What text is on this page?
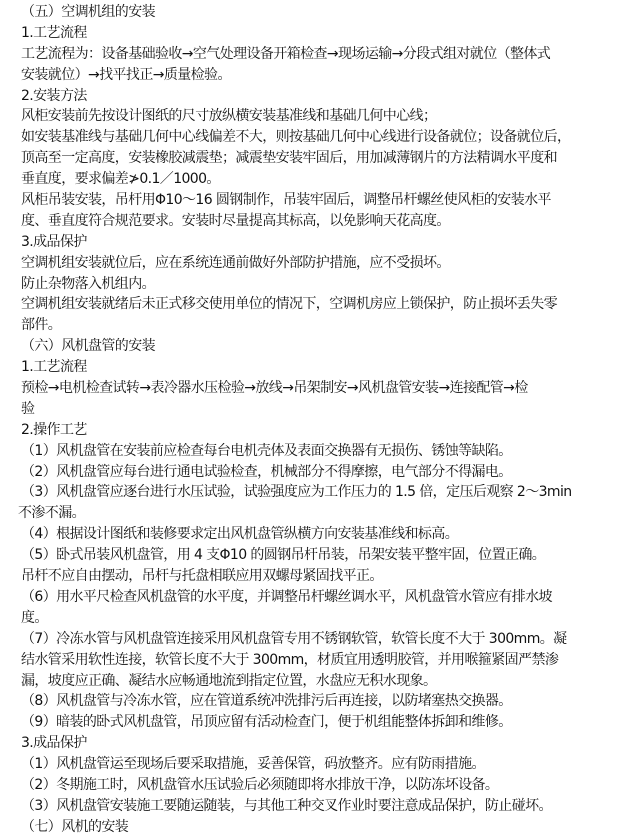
（五）空调机组的安装
1.工艺流程
工艺流程为：设备基础验收→空气处理设备开箱检查→现场运输→分段式组对就位（整体式
安装就位）→找平找正→质量检验。
2.安装方法
风柜安装前先按设计图纸的尺寸放纵横安装基准线和基础几何中心线；
如安装基准线与基础几何中心线偏差不大，则按基础几何中心线进行设备就位；设备就位后，
顶高至一定高度，安装橡胶减震垫；减震垫安装牢固后，用加减薄钢片的方法精调水平度和
垂直度，要求偏差≯0.1／1000。
风柜吊装安装，吊杆用Φ10～16 圆钢制作，吊装牢固后，调整吊杆螺丝使风柜的安装水平
度、垂直度符合规范要求。安装时尽量提高其标高，以免影响天花高度。
3.成品保护
空调机组安装就位后，应在系统连通前做好外部防护措施，应不受损坏。
防止杂物落入机组内。
空调机组安装就绪后未正式移交使用单位的情况下，空调机房应上锁保护，防止损坏丢失零
部件。
（六）风机盘管的安装
1.工艺流程
预检→电机检查试转→表冷器水压检验→放线→吊架制安→风机盘管安装→连接配管→检
验
2.操作工艺
（1）风机盘管在安装前应检查每台电机壳体及表面交换器有无损伤、锈蚀等缺陷。
（2）风机盘管应每台进行通电试验检查，机械部分不得摩擦，电气部分不得漏电。
（3）风机盘管应逐台进行水压试验，试验强度应为工作压力的 1.5 倍，定压后观察 2～3min
不渗不漏。
（4）根据设计图纸和装修要求定出风机盘管纵横方向安装基准线和标高。
（5）卧式吊装风机盘管，用 4 支Φ10 的圆钢吊杆吊装，吊架安装平整牢固，位置正确。
吊杆不应自由摆动，吊杆与托盘相联应用双螺母紧固找平正。
（6）用水平尺检查风机盘管的水平度，并调整吊杆螺丝调水平，风机盘管水管应有排水坡
度。
（7）冷冻水管与风机盘管连接采用风机盘管专用不锈钢软管，软管长度不大于 300mm。凝
结水管采用软性连接，软管长度不大于 300mm，材质宜用透明胶管，并用喉箍紧固严禁渗
漏，坡度应正确、凝结水应畅通地流到指定位置，水盘应无积水现象。
（8）风机盘管与冷冻水管，应在管道系统冲洗排污后再连接，以防堵塞热交换器。
（9）暗装的卧式风机盘管，吊顶应留有活动检查门，便于机组能整体拆卸和维修。
3.成品保护
（1）风机盘管运至现场后要采取措施，妥善保管，码放整齐。应有防雨措施。
（2）冬期施工时，风机盘管水压试验后必须随即将水排放干净，以防冻坏设备。
（3）风机盘管安装施工要随运随装，与其他工种交叉作业时要注意成品保护，防止碰坏。
（七）风机的安装
